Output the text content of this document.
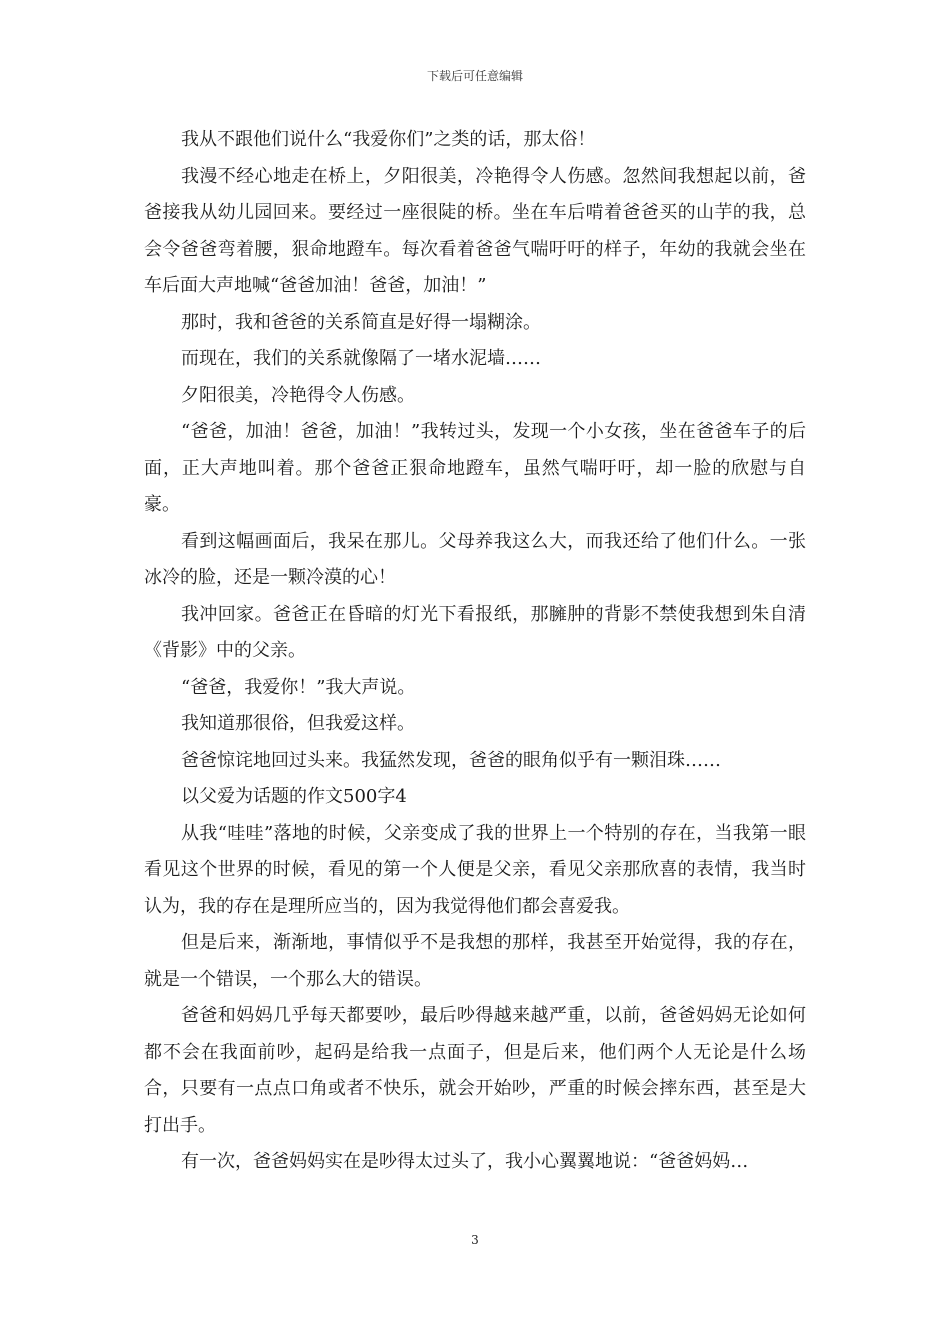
下载后可任意编辑

我从不跟他们说什么“我爱你们”之类的话，那太俗！

我漫不经心地走在桥上，夕阳很美，冷艳得令人伤感。忽然间我想起以前，爸爸接我从幼儿园回来。要经过一座很陡的桥。坐在车后啃着爸爸买的山芋的我，总会令爸爸弯着腰，狠命地蹬车。每次看着爸爸气喘吁吁的样子，年幼的我就会坐在车后面大声地喊“爸爸加油！爸爸，加油！”

那时，我和爸爸的关系简直是好得一塌糊涂。

而现在，我们的关系就像隔了一堵水泥墙……

夕阳很美，冷艳得令人伤感。

“爸爸，加油！爸爸，加油！”我转过头，发现一个小女孩，坐在爸爸车子的后面，正大声地叫着。那个爸爸正狠命地蹬车，虽然气喘吁吁，却一脸的欣慰与自豪。

看到这幅画面后，我呆在那儿。父母养我这么大，而我还给了他们什么。一张冰冷的脸，还是一颗冷漠的心！

我冲回家。爸爸正在昏暗的灯光下看报纸，那臃肿的背影不禁使我想到朱自清《背影》中的父亲。

“爸爸，我爱你！”我大声说。

我知道那很俗，但我爱这样。

爸爸惊诧地回过头来。我猛然发现，爸爸的眼角似乎有一颗泪珠……

以父爱为话题的作文500字4

从我“哇哇”落地的时候，父亲变成了我的世界上一个特别的存在，当我第一眼看见这个世界的时候，看见的第一个人便是父亲，看见父亲那欣喜的表情，我当时认为，我的存在是理所应当的，因为我觉得他们都会喜爱我。

但是后来，渐渐地，事情似乎不是我想的那样，我甚至开始觉得，我的存在，就是一个错误，一个那么大的错误。

爸爸和妈妈几乎每天都要吵，最后吵得越来越严重，以前，爸爸妈妈无论如何都不会在我面前吵，起码是给我一点面子，但是后来，他们两个人无论是什么场合，只要有一点点口角或者不快乐，就会开始吵，严重的时候会摔东西，甚至是大打出手。

有一次，爸爸妈妈实在是吵得太过头了，我小心翼翼地说：“爸爸妈妈…

3
